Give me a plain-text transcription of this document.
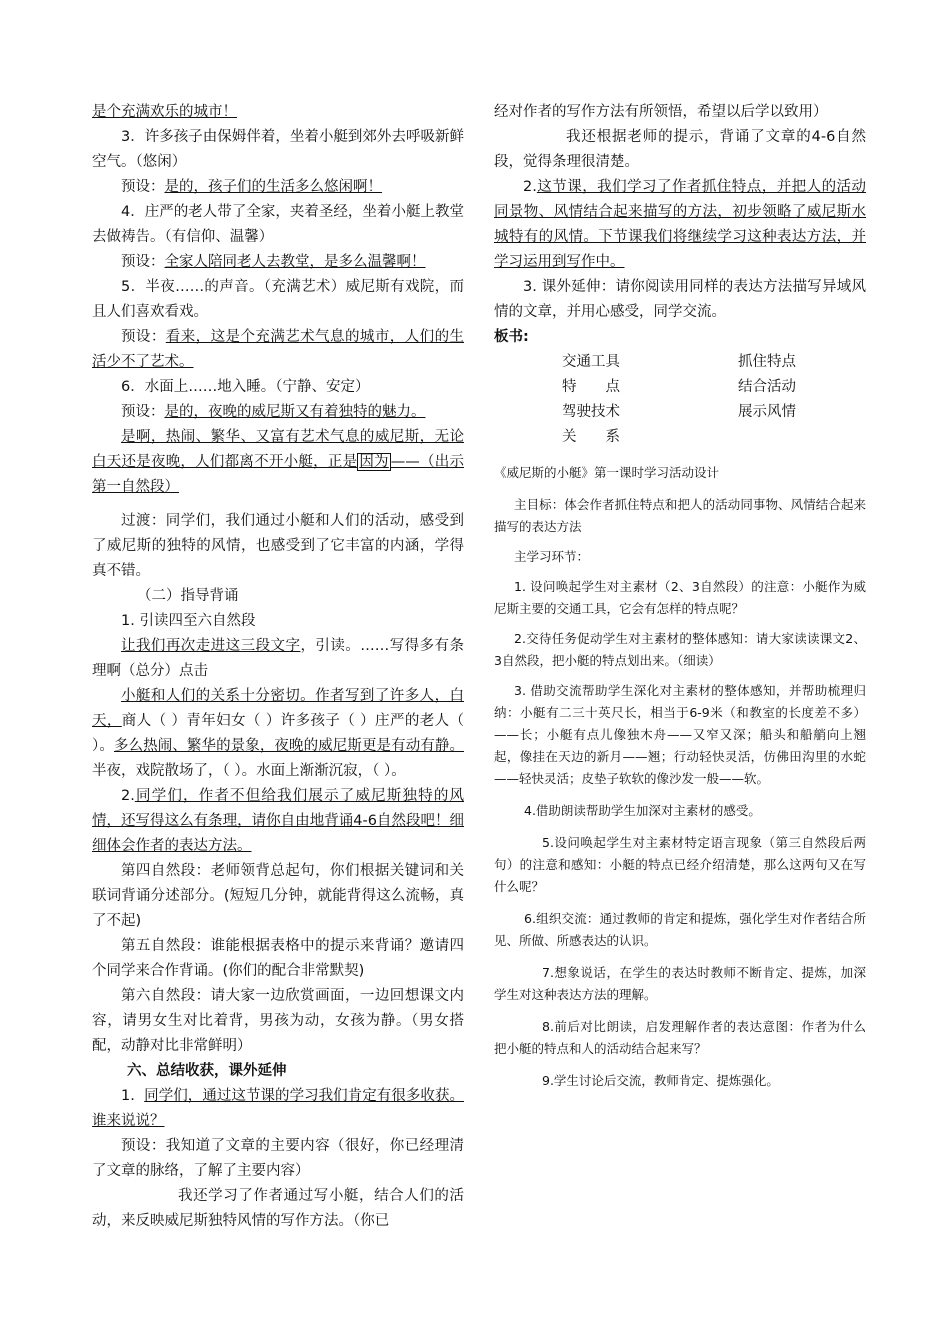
是个充满欢乐的城市！

3．许多孩子由保姆伴着，坐着小艇到郊外去呼吸新鲜空气。（悠闲）

预设：是的，孩子们的生活多么悠闲啊！

4．庄严的老人带了全家，夹着圣经，坐着小艇上教堂去做祷告。（有信仰、温馨）

预设：全家人陪同老人去教堂，是多么温馨啊！

5．半夜……的声音。（充满艺术）威尼斯有戏院，而且人们喜欢看戏。

预设：看来，这是个充满艺术气息的城市，人们的生活少不了艺术。

6．水面上……地入睡。（宁静、安定）

预设：是的，夜晚的威尼斯又有着独特的魅力。

是啊，热闹、繁华、又富有艺术气息的威尼斯，无论白天还是夜晚，人们都离不开小艇，正是 因为 ——（出示第一自然段）

过渡：同学们，我们通过小艇和人们的活动，感受到了威尼斯的独特的风情，也感受到了它丰富的内涵，学得真不错。

（二）指导背诵

1. 引读四至六自然段

让我们再次走进这三段文字，引读。……写得多有条理啊（总分）点击

小艇和人们的关系十分密切。作者写到了许多人，白天，商人（ ）青年妇女（ ）许多孩子（ ）庄严的老人（ ）。多么热闹、繁华的景象，夜晚的威尼斯更是有动有静。半夜，戏院散场了，（ ）。水面上渐渐沉寂，（ ）。

2.同学们，作者不但给我们展示了威尼斯独特的风情，还写得这么有条理，请你自由地背诵4-6自然段吧！细细体会作者的表达方法。

第四自然段：老师领背总起句，你们根据关键词和关联词背诵分述部分。(短短几分钟，就能背得这么流畅，真了不起)

第五自然段：谁能根据表格中的提示来背诵？邀请四个同学来合作背诵。(你们的配合非常默契)

第六自然段：请大家一边欣赏画面，一边回想课文内容，请男女生对比着背，男孩为动，女孩为静。（男女搭配，动静对比非常鲜明）

六、总结收获，课外延伸

1. 同学们，通过这节课的学习我们肯定有很多收获。谁来说说？

预设：我知道了文章的主要内容（很好，你已经理清了文章的脉络，了解了主要内容）

我还学习了作者通过写小艇，结合人们的活动，来反映威尼斯独特风情的写作方法。（你已

经对作者的写作方法有所领悟，希望以后学以致用）

我还根据老师的提示，背诵了文章的4-6自然段，觉得条理很清楚。

2.这节课，我们学习了作者抓住特点，并把人的活动同景物、风情结合起来描写的方法，初步领略了威尼斯水城特有的风情。下节课我们将继续学习这种表达方法，并学习运用到写作中。

3. 课外延伸：请你阅读用同样的表达方法描写异域风情的文章，并用心感受，同学交流。

板书:

交通工具	抓住特点
特　　点	结合活动
驾驶技术	展示风情
关　　系	

《威尼斯的小艇》第一课时学习活动设计

主目标：体会作者抓住特点和把人的活动同事物、风情结合起来描写的表达方法

主学习环节：

1. 设问唤起学生对主素材（2、3自然段）的注意：小艇作为威尼斯主要的交通工具，它会有怎样的特点呢？

2.交待任务促动学生对主素材的整体感知：请大家读读课文2、3自然段，把小艇的特点划出来。（细读）

3. 借助交流帮助学生深化对主素材的整体感知，并帮助梳理归纳：小艇有二三十英尺长，相当于6-9米（和教室的长度差不多）——长；小艇有点儿像独木舟——又窄又深；船头和船艄向上翘起，像挂在天边的新月——翘；行动轻快灵活，仿佛田沟里的水蛇——轻快灵活；皮垫子软软的像沙发一般——软。

4.借助朗读帮助学生加深对主素材的感受。

5.设问唤起学生对主素材特定语言现象（第三自然段后两句）的注意和感知：小艇的特点已经介绍清楚，那么这两句又在写什么呢？

6.组织交流：通过教师的肯定和提炼，强化学生对作者结合所见、所做、所感表达的认识。

7.想象说话，在学生的表达时教师不断肯定、提炼，加深学生对这种表达方法的理解。

8.前后对比朗读，启发理解作者的表达意图：作者为什么把小艇的特点和人的活动结合起来写？

9.学生讨论后交流，教师肯定、提炼强化。
